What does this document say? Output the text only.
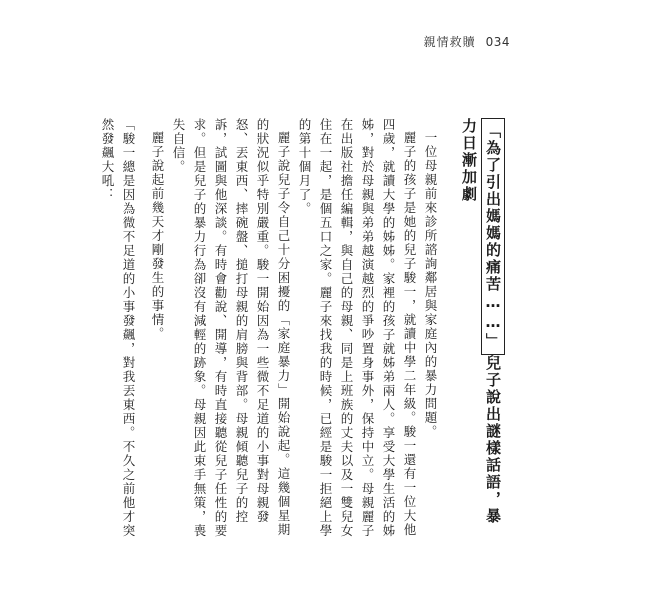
親情救贖 034
「為了引出媽媽的痛苦……」兒子說出謎樣話語，暴力日漸加劇

一位母親前來診所諮詢鄰居與家庭內的暴力問題。

麗子的孩子是她的兒子駿一，就讀中學二年級。駿一還有一位大他四歲，就讀大學的姊姊。家裡的孩子就姊弟兩人。享受大學生活的姊姊，對於母親與弟弟越演越烈的爭吵置身事外，保持中立。母親麗子在出版社擔任編輯，與自己的母親、同是上班族的丈夫以及一雙兒女住在一起，是個五口之家。麗子來找我的時候，已經是駿一拒絕上學的第十個月了。

麗子說兒子令自己十分困擾的「家庭暴力」開始說起。這幾個星期的狀況似乎特別嚴重。駿一開始因為一些微不足道的小事對母親發怒、丟東西、摔碗盤、搥打母親的肩膀與背部。母親傾聽兒子的控訴，試圖與他深談。有時會勸說、開導，有時直接聽從兒子任性的要求。但是兒子的暴力行為卻沒有減輕的跡象。母親因此束手無策，喪失自信。

麗子說起前幾天才剛發生的事情。

「駿一總是因為微不足道的小事發飆，對我丟東西。不久之前他才突然發飆大吼：
